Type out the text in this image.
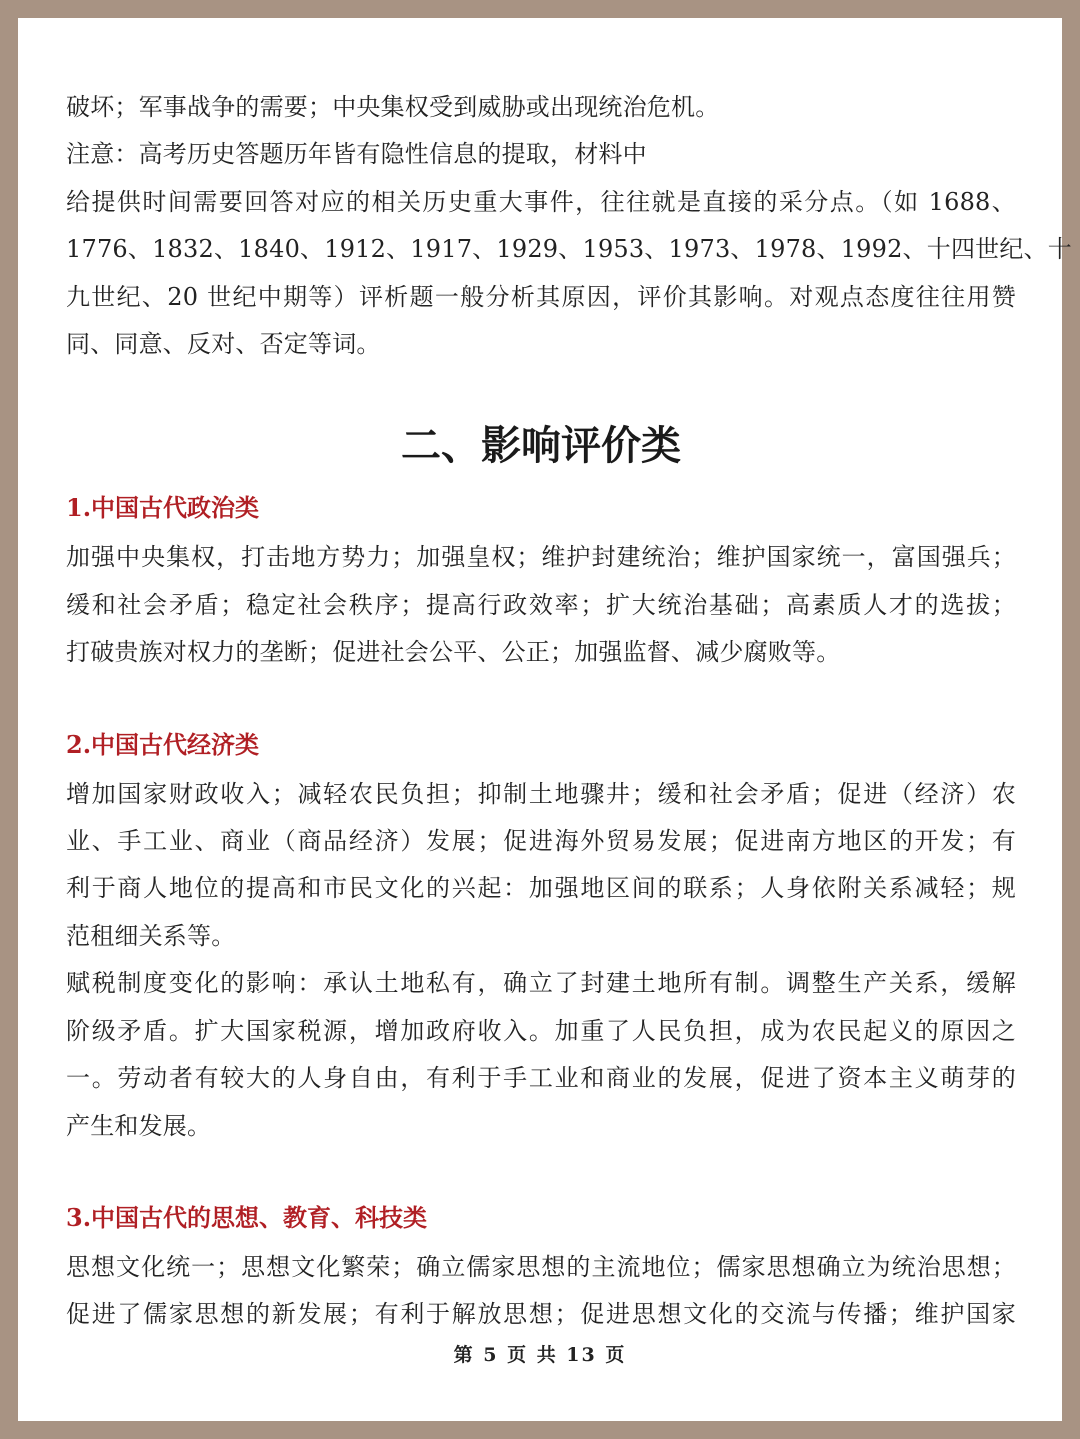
破坏；军事战争的需要；中央集权受到威胁或出现统治危机。
注意：高考历史答题历年皆有隐性信息的提取，材料中
给提供时间需要回答对应的相关历史重大事件，往往就是直接的采分点。（如 1688、
1776、1832、1840、1912、1917、1929、1953、1973、1978、1992、十四世纪、十
九世纪、20 世纪中期等）评析题一般分析其原因，评价其影响。对观点态度往往用赞
同、同意、反对、否定等词。
二、影响评价类
1.中国古代政治类
加强中央集权，打击地方势力；加强皇权；维护封建统治；维护国家统一，富国强兵；
缓和社会矛盾；稳定社会秩序；提高行政效率；扩大统治基础；高素质人才的选拔；
打破贵族对权力的垄断；促进社会公平、公正；加强监督、减少腐败等。
2.中国古代经济类
增加国家财政收入；减轻农民负担；抑制土地骤井；缓和社会矛盾；促进（经济）农
业、手工业、商业（商品经济）发展；促进海外贸易发展；促进南方地区的开发；有
利于商人地位的提高和市民文化的兴起：加强地区间的联系；人身依附关系减轻；规
范租细关系等。
赋税制度变化的影响：承认土地私有，确立了封建土地所有制。调整生产关系，缓解
阶级矛盾。扩大国家税源，增加政府收入。加重了人民负担，成为农民起义的原因之
一。劳动者有较大的人身自由，有利于手工业和商业的发展，促进了资本主义萌芽的
产生和发展。
3.中国古代的思想、教育、科技类
思想文化统一；思想文化繁荣；确立儒家思想的主流地位；儒家思想确立为统治思想；
促进了儒家思想的新发展；有利于解放思想；促进思想文化的交流与传播；维护国家
第 5 页 共 13 页
